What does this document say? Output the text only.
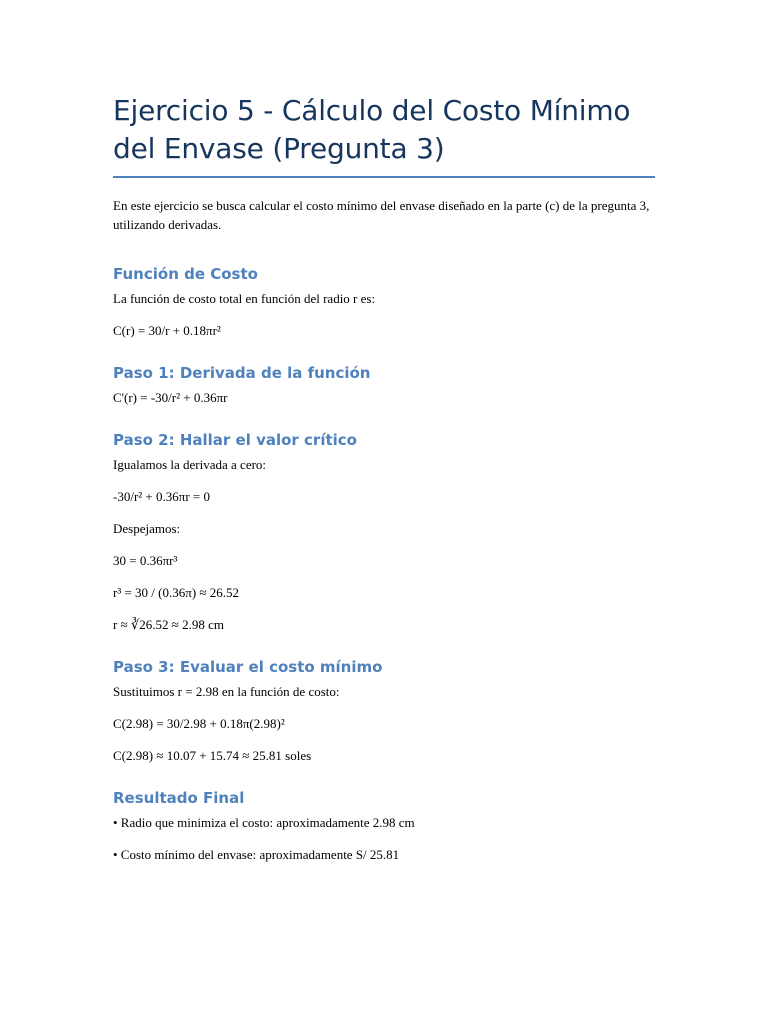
Ejercicio 5 - Cálculo del Costo Mínimo del Envase (Pregunta 3)

En este ejercicio se busca calcular el costo mínimo del envase diseñado en la parte (c) de la pregunta 3, utilizando derivadas.

Función de Costo

La función de costo total en función del radio r es:

C(r) = 30/r + 0.18πr²

Paso 1: Derivada de la función

C'(r) = -30/r² + 0.36πr

Paso 2: Hallar el valor crítico

Igualamos la derivada a cero:

-30/r² + 0.36πr = 0

Despejamos:

30 = 0.36πr³

r³ = 30 / (0.36π) ≈ 26.52

r ≈ ∛26.52 ≈ 2.98 cm

Paso 3: Evaluar el costo mínimo

Sustituimos r = 2.98 en la función de costo:

C(2.98) = 30/2.98 + 0.18π(2.98)²

C(2.98) ≈ 10.07 + 15.74 ≈ 25.81 soles

Resultado Final

• Radio que minimiza el costo: aproximadamente 2.98 cm

• Costo mínimo del envase: aproximadamente S/ 25.81
